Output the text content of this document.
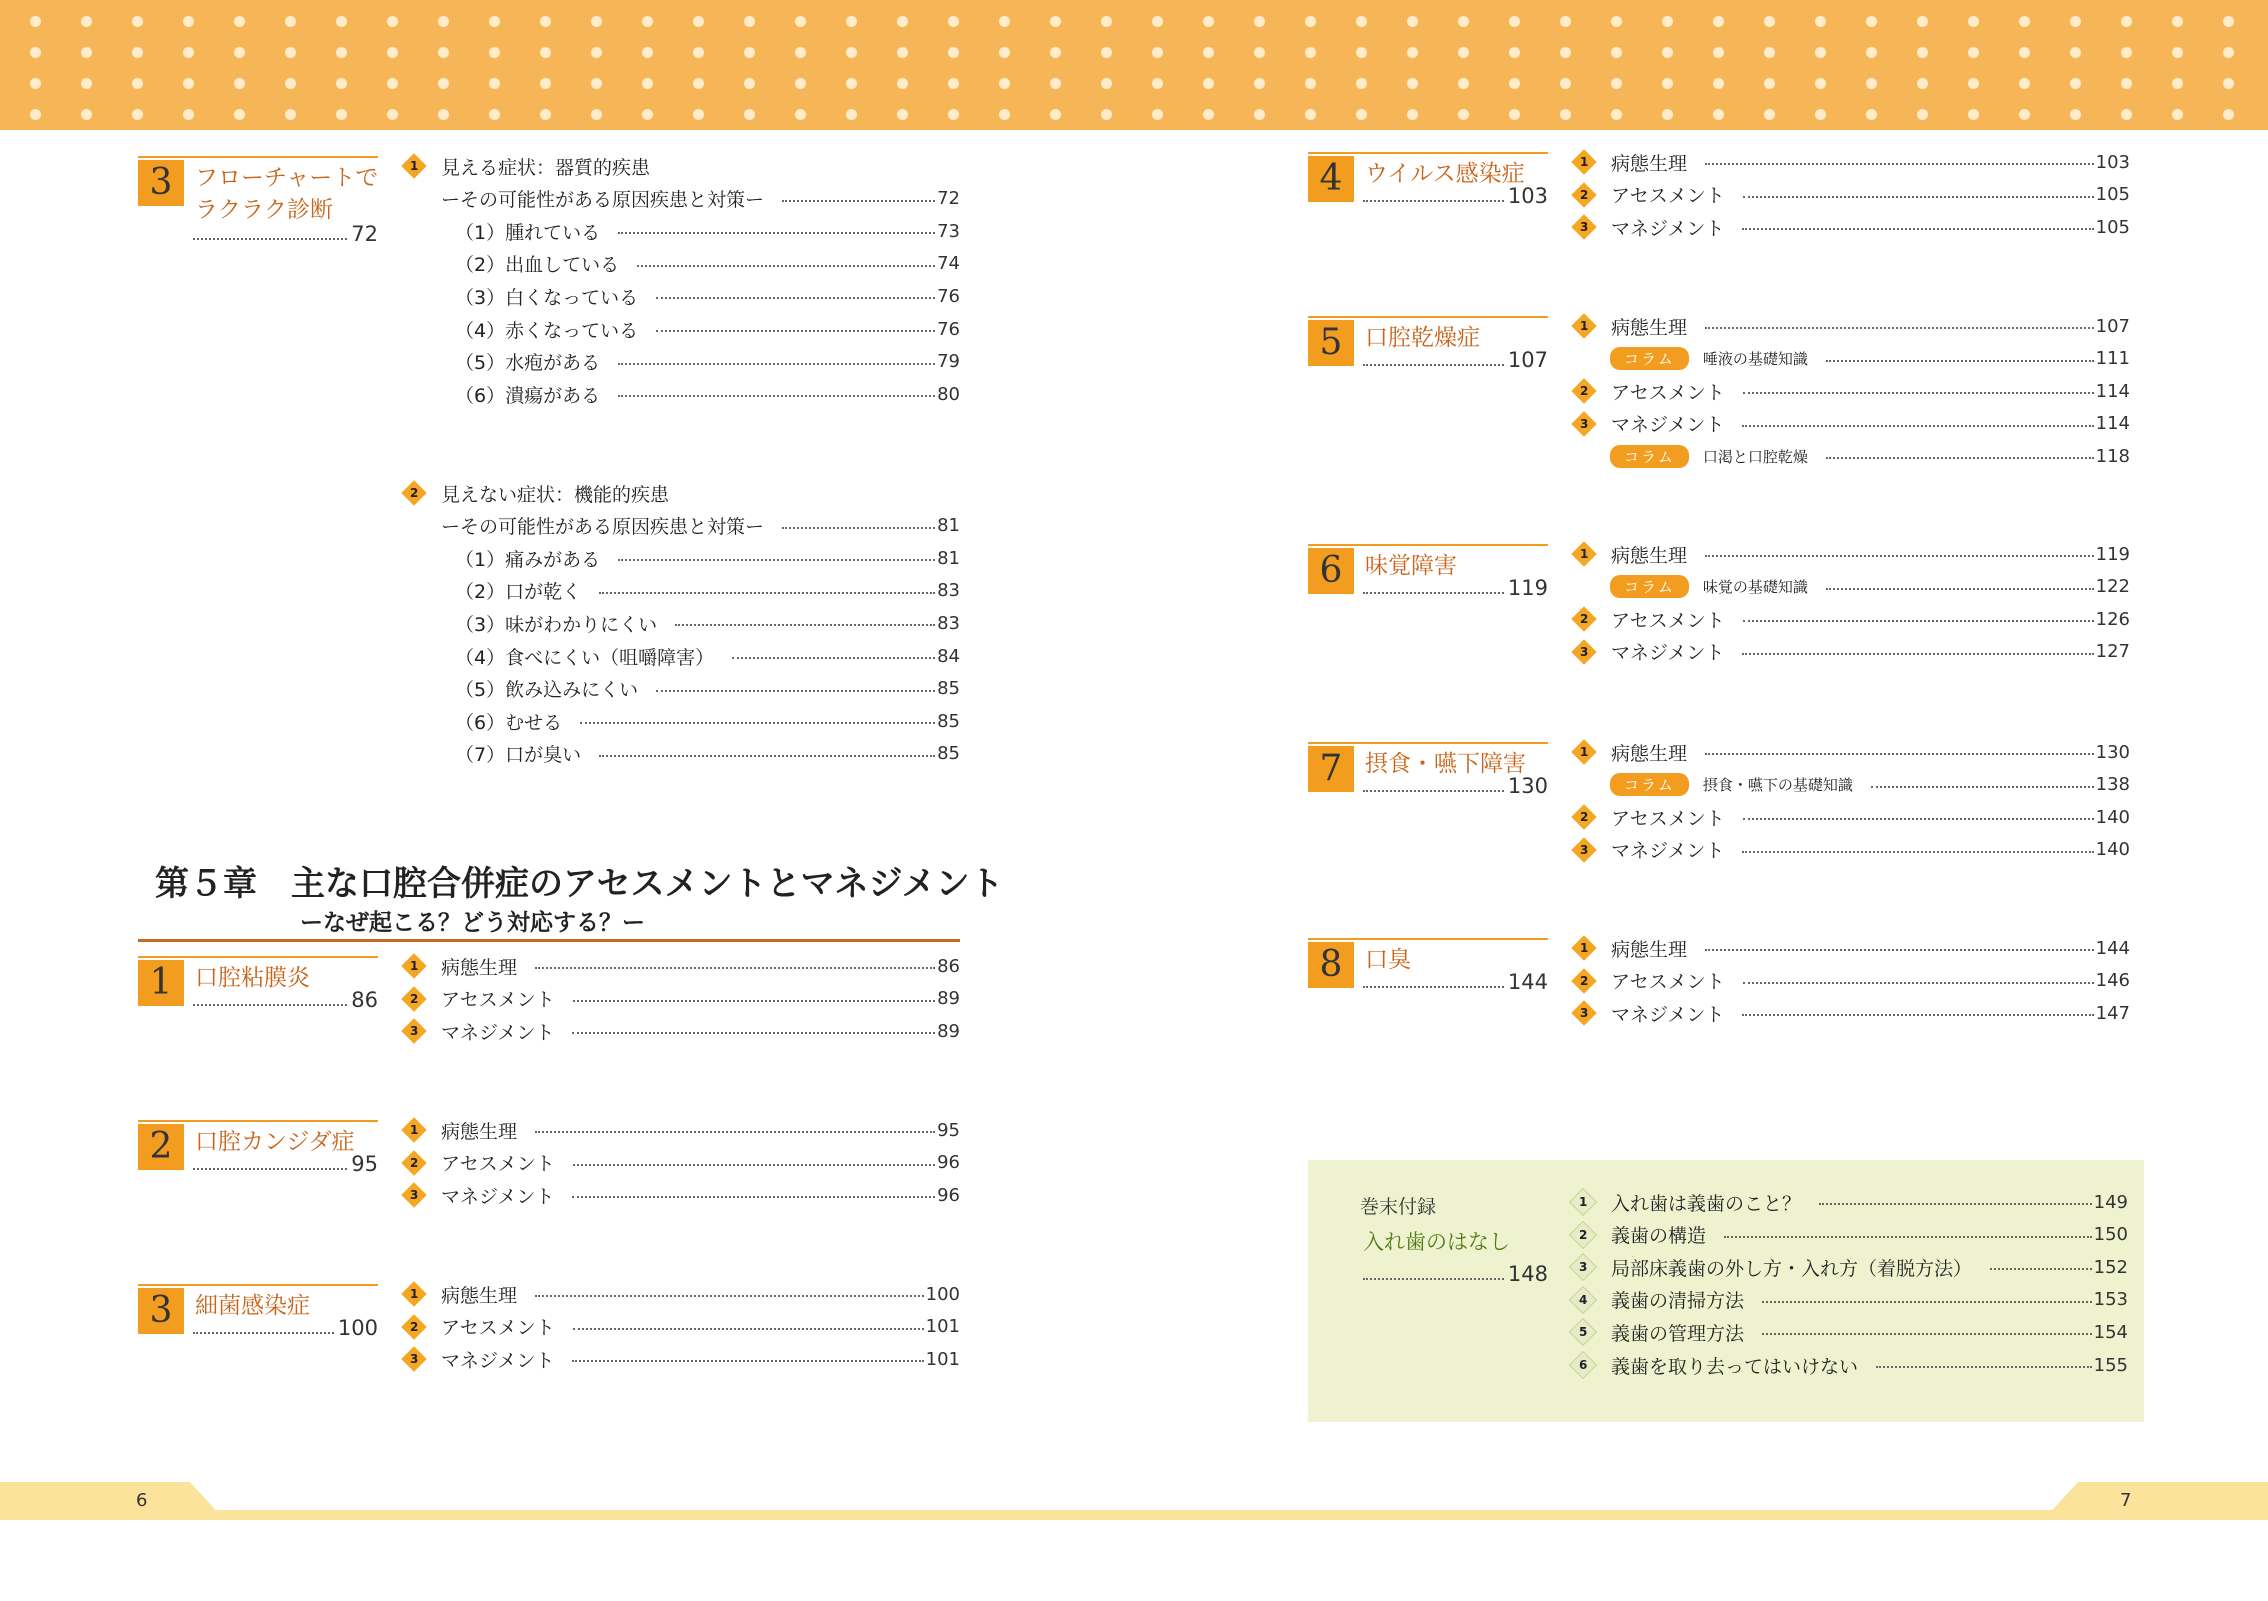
3 フローチャートで
ラクラク診断
72
1 見える症状：器質的疾患
ーその可能性がある原因疾患と対策ー	72
（1）腫れている	73
（2）出血している	74
（3）白くなっている	76
（4）赤くなっている	76
（5）水疱がある	79
（6）潰瘍がある	80
2 見えない症状：機能的疾患
ーその可能性がある原因疾患と対策ー	81
（1）痛みがある	81
（2）口が乾く	83
（3）味がわかりにくい	83
（4）食べにくい（咀嚼障害）	84
（5）飲み込みにくい	85
（6）むせる	85
（7）口が臭い	85
第５章　主な口腔合併症のアセスメントとマネジメント
ーなぜ起こる？どう対応する？ー
1 口腔粘膜炎
86
1 病態生理	86
2 アセスメント	89
3 マネジメント	89
2 口腔カンジダ症
95
1 病態生理	95
2 アセスメント	96
3 マネジメント	96
3 細菌感染症
100
1 病態生理	100
2 アセスメント	101
3 マネジメント	101
4 ウイルス感染症
103
1 病態生理	103
2 アセスメント	105
3 マネジメント	105
5 口腔乾燥症
107
1 病態生理	107
コラム	唾液の基礎知識	111
2 アセスメント	114
3 マネジメント	114
コラム	口渇と口腔乾燥	118
6 味覚障害
119
1 病態生理	119
コラム	味覚の基礎知識	122
2 アセスメント	126
3 マネジメント	127
7 摂食・嚥下障害
130
1 病態生理	130
コラム	摂食・嚥下の基礎知識	138
2 アセスメント	140
3 マネジメント	140
8 口臭
144
1 病態生理	144
2 アセスメント	146
3 マネジメント	147
巻末付録
入れ歯のはなし
148
1 入れ歯は義歯のこと？	149
2 義歯の構造	150
3 局部床義歯の外し方・入れ方（着脱方法）	152
4 義歯の清掃方法	153
5 義歯の管理方法	154
6 義歯を取り去ってはいけない	155
6	7
